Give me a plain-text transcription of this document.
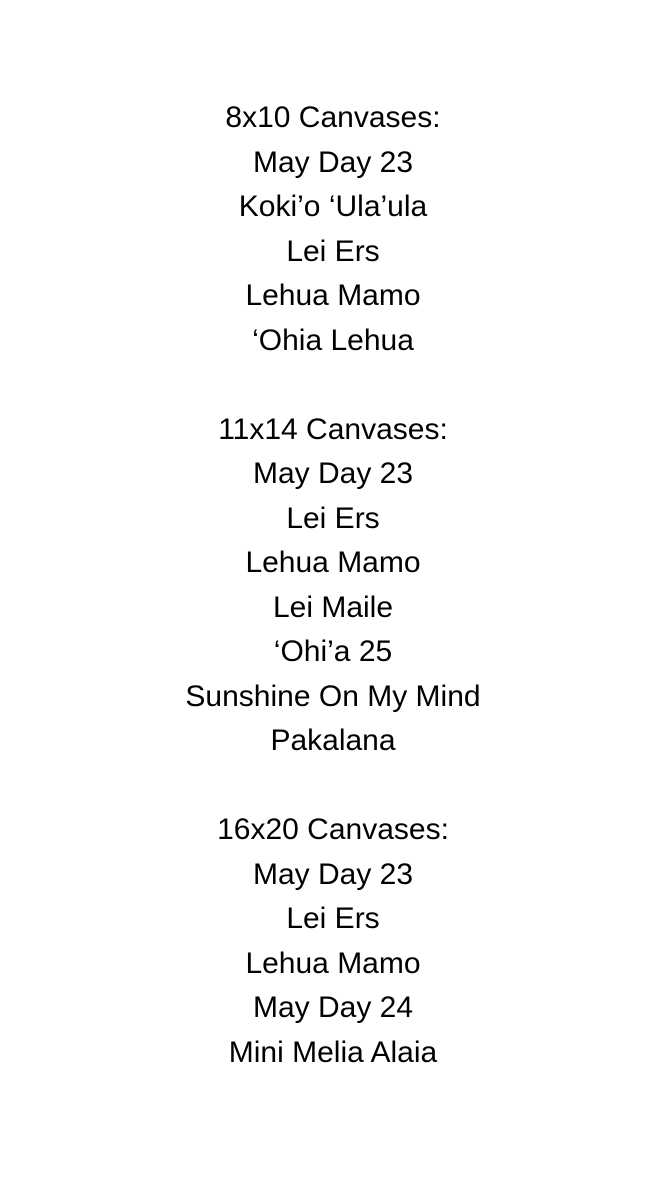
8x10 Canvases:
May Day 23
Koki’o ‘Ula’ula
Lei Ers
Lehua Mamo
‘Ohia Lehua
11x14 Canvases:
May Day 23
Lei Ers
Lehua Mamo
Lei Maile
‘Ohi’a 25
Sunshine On My Mind
Pakalana
16x20 Canvases:
May Day 23
Lei Ers
Lehua Mamo
May Day 24
Mini Melia Alaia
